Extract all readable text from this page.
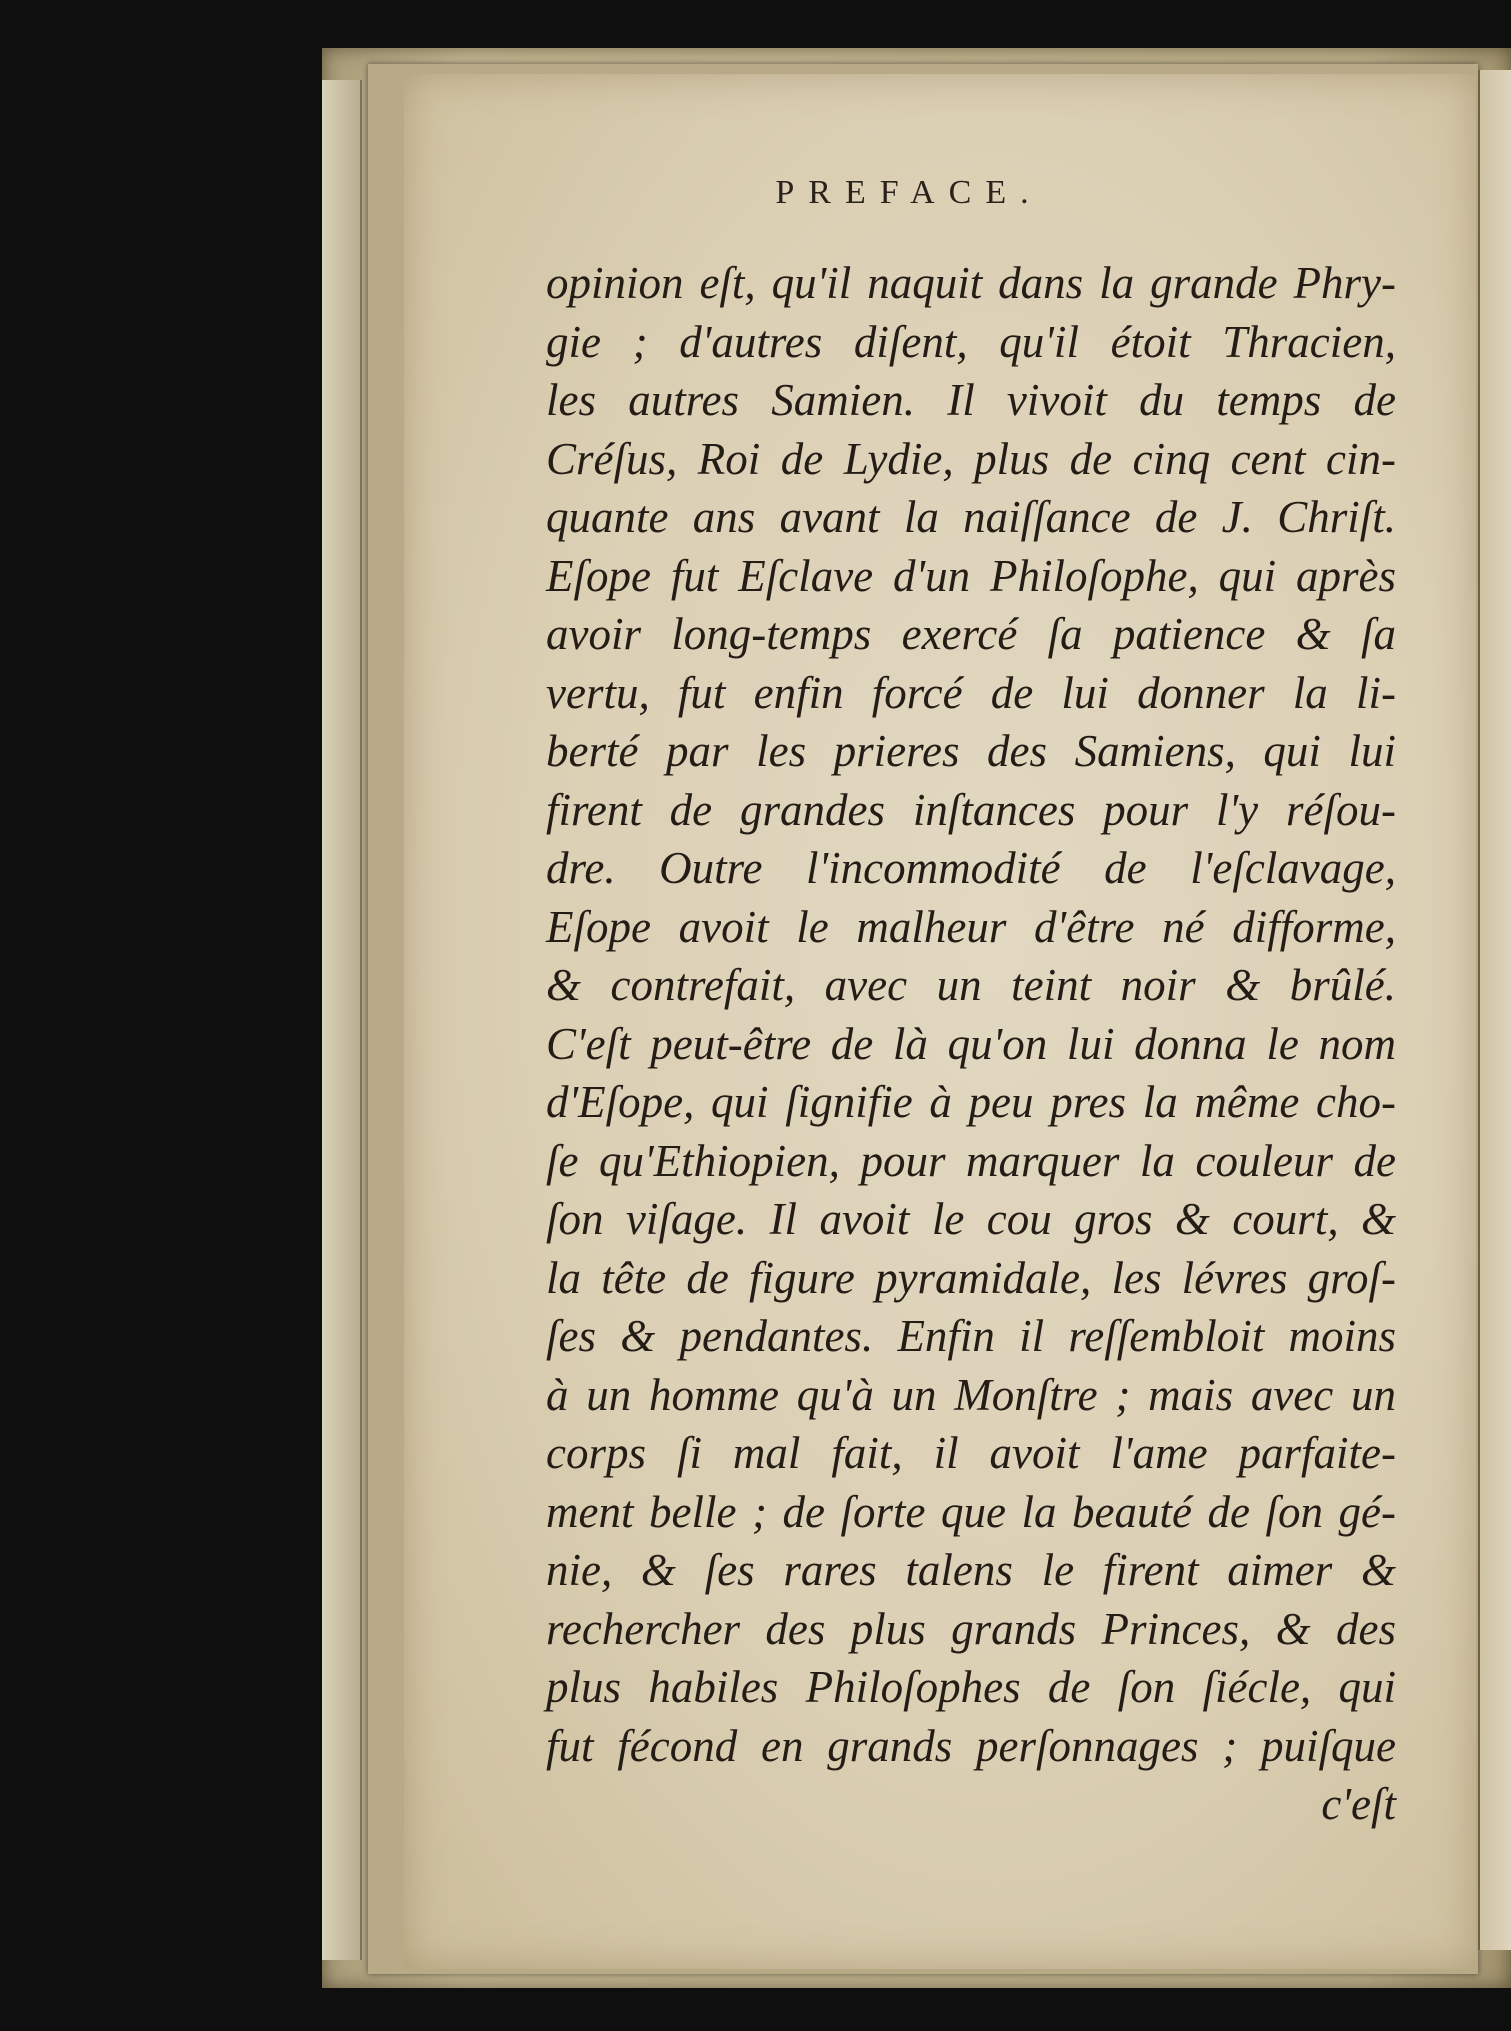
PREFACE.
opinion eſt, qu'il naquit dans la grande Phry-
gie ; d'autres diſent, qu'il étoit Thracien,
les autres Samien. Il vivoit du temps de
Créſus, Roi de Lydie, plus de cinq cent cin-
quante ans avant la naiſſance de J. Chriſt.
Eſope fut Eſclave d'un Philoſophe, qui après
avoir long-temps exercé ſa patience & ſa
vertu, fut enfin forcé de lui donner la li-
berté par les prieres des Samiens, qui lui
firent de grandes inſtances pour l'y réſou-
dre. Outre l'incommodité de l'eſclavage,
Eſope avoit le malheur d'être né difforme,
& contrefait, avec un teint noir & brûlé.
C'eſt peut-être de là qu'on lui donna le nom
d'Eſope, qui ſignifie à peu pres la même cho-
ſe qu'Ethiopien, pour marquer la couleur de
ſon viſage. Il avoit le cou gros & court, &
la tête de figure pyramidale, les lévres groſ-
ſes & pendantes. Enfin il reſſembloit moins
à un homme qu'à un Monſtre ; mais avec un
corps ſi mal fait, il avoit l'ame parfaite-
ment belle ; de ſorte que la beauté de ſon gé-
nie, & ſes rares talens le firent aimer &
rechercher des plus grands Princes, & des
plus habiles Philoſophes de ſon ſiécle, qui
fut fécond en grands perſonnages ; puiſque
c'eſt
